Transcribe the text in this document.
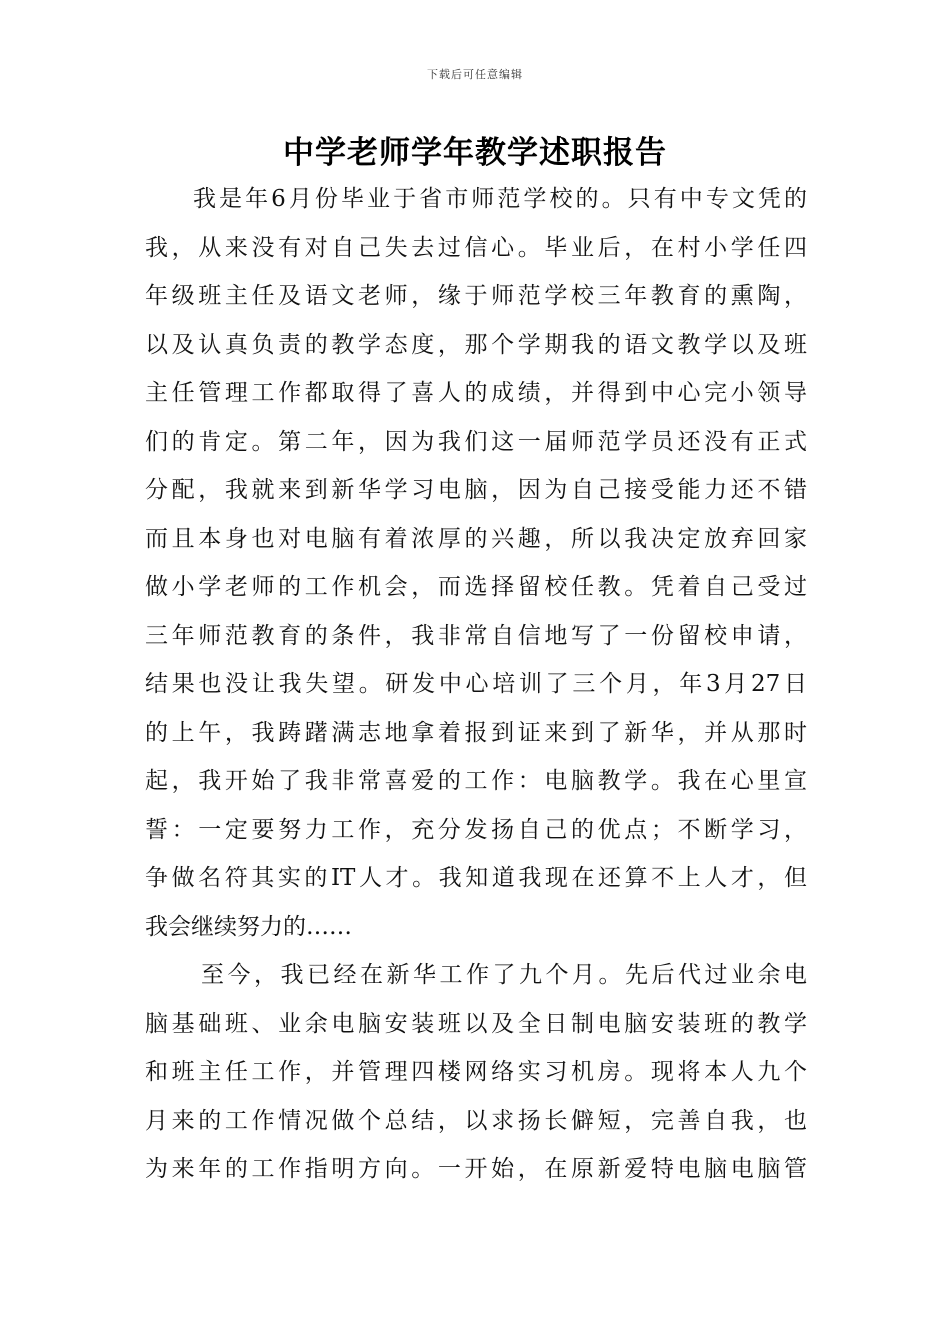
下载后可任意编辑
中学老师学年教学述职报告
我是年6月份毕业于省市师范学校的。只有中专文凭的
我，从来没有对自己失去过信心。毕业后，在村小学任四
年级班主任及语文老师，缘于师范学校三年教育的熏陶，
以及认真负责的教学态度，那个学期我的语文教学以及班
主任管理工作都取得了喜人的成绩，并得到中心完小领导
们的肯定。第二年，因为我们这一届师范学员还没有正式
分配，我就来到新华学习电脑，因为自己接受能力还不错
而且本身也对电脑有着浓厚的兴趣，所以我决定放弃回家
做小学老师的工作机会，而选择留校任教。凭着自己受过
三年师范教育的条件，我非常自信地写了一份留校申请，
结果也没让我失望。研发中心培训了三个月，年3月27日
的上午，我踌躇满志地拿着报到证来到了新华，并从那时
起，我开始了我非常喜爱的工作：电脑教学。我在心里宣
誓：一定要努力工作，充分发扬自己的优点；不断学习，
争做名符其实的IT人才。我知道我现在还算不上人才，但
我会继续努力的……
至今，我已经在新华工作了九个月。先后代过业余电
脑基础班、业余电脑安装班以及全日制电脑安装班的教学
和班主任工作，并管理四楼网络实习机房。现将本人九个
月来的工作情况做个总结，以求扬长僻短，完善自我，也
为来年的工作指明方向。一开始，在原新爱特电脑电脑管
